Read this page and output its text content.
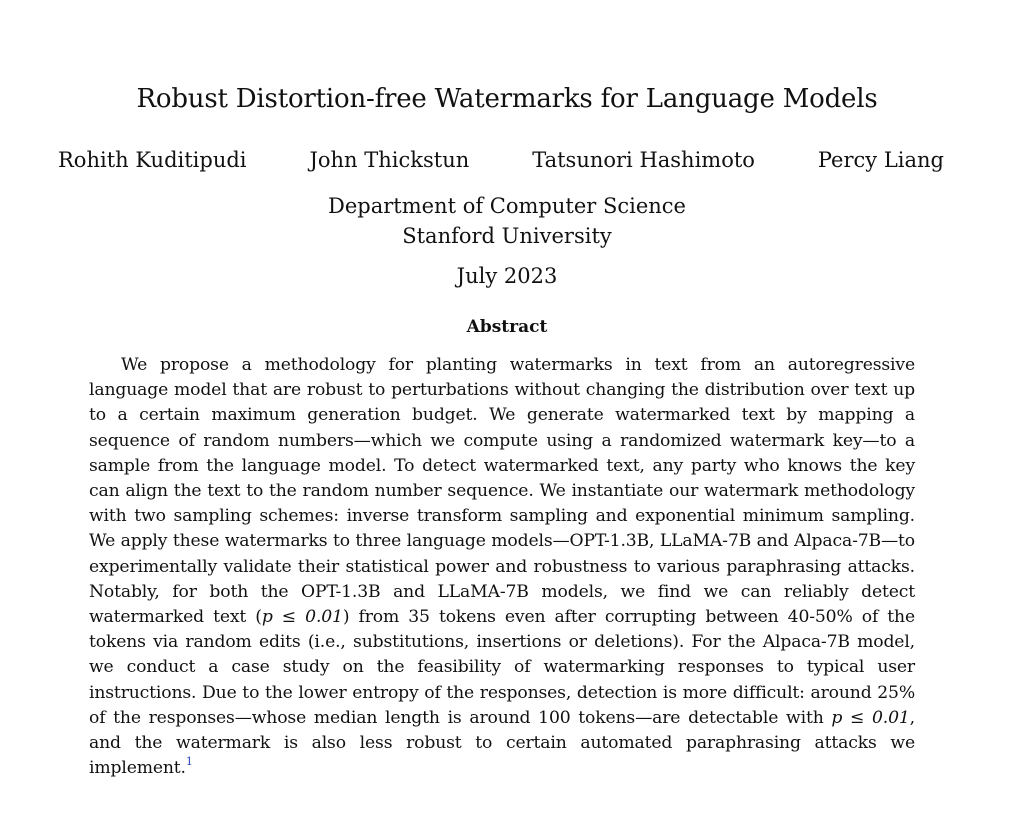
Robust Distortion-free Watermarks for Language Models
Rohith Kuditipudi	John Thickstun	Tatsunori Hashimoto	Percy Liang
Department of Computer Science
Stanford University
July 2023
Abstract

We propose a methodology for planting watermarks in text from an autoregressive language model that are robust to perturbations without changing the distribution over text up to a certain maximum generation budget. We generate watermarked text by mapping a sequence of random numbers—which we compute using a randomized watermark key—to a sample from the language model. To detect watermarked text, any party who knows the key can align the text to the random number sequence. We instantiate our watermark methodology with two sampling schemes: inverse transform sampling and exponential minimum sampling. We apply these watermarks to three language models—OPT-1.3B, LLaMA-7B and Alpaca-7B—to experimentally validate their statistical power and robustness to various paraphrasing attacks. Notably, for both the OPT-1.3B and LLaMA-7B models, we find we can reliably detect watermarked text (p ≤ 0.01) from 35 tokens even after corrupting between 40-50% of the tokens via random edits (i.e., substitutions, insertions or deletions). For the Alpaca-7B model, we conduct a case study on the feasibility of watermarking responses to typical user instructions. Due to the lower entropy of the responses, detection is more difficult: around 25% of the responses—whose median length is around 100 tokens—are detectable with p ≤ 0.01, and the watermark is also less robust to certain automated paraphrasing attacks we implement.$^1$
